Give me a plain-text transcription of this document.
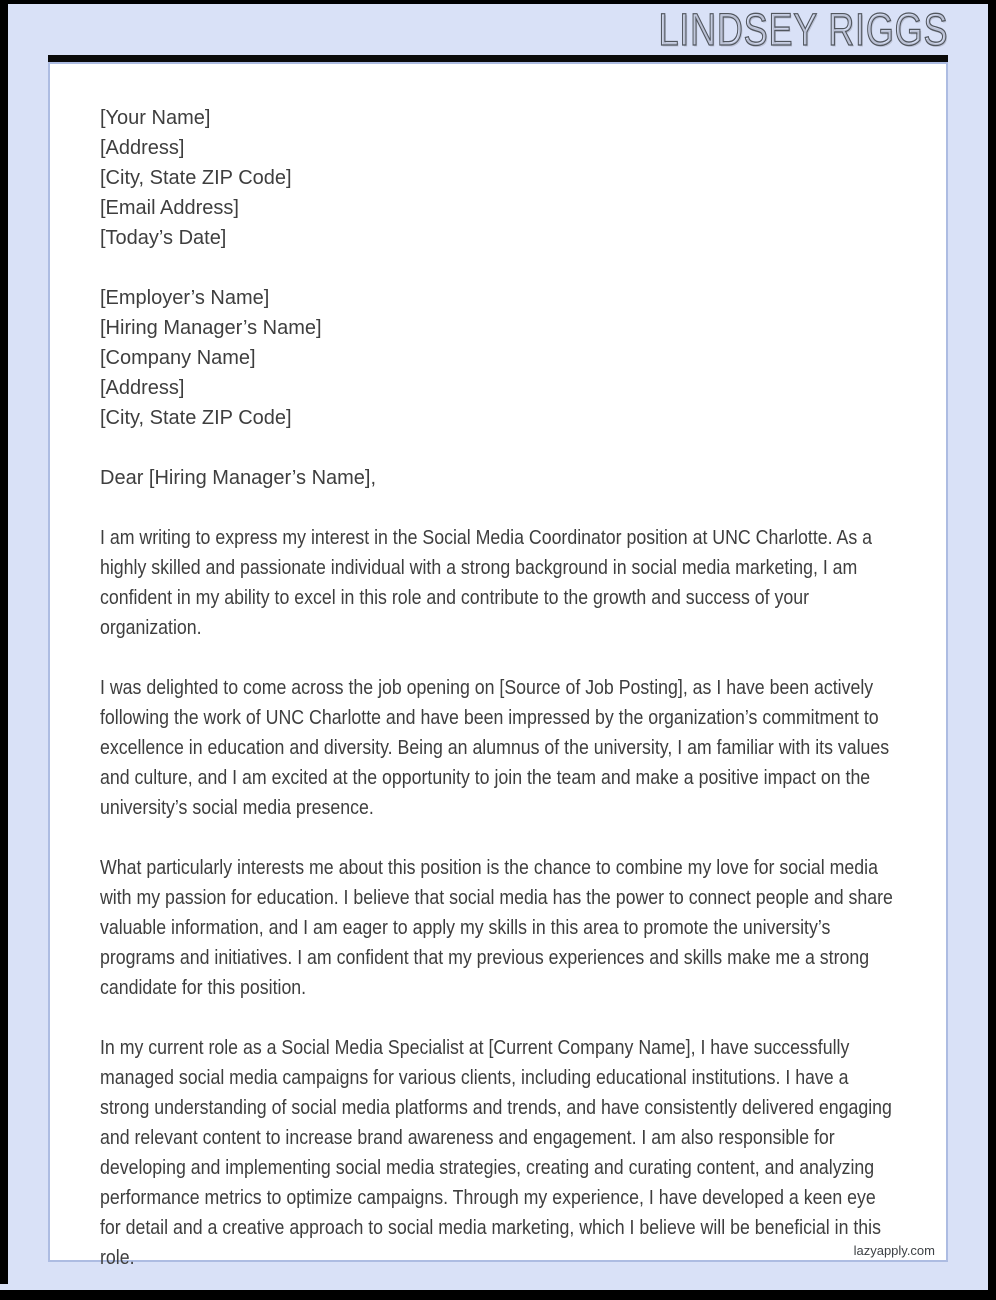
LINDSEY RIGGS
[Your Name]
[Address]
[City, State ZIP Code]
[Email Address]
[Today’s Date]
[Employer’s Name]
[Hiring Manager’s Name]
[Company Name]
[Address]
[City, State ZIP Code]
Dear [Hiring Manager’s Name],

I am writing to express my interest in the Social Media Coordinator position at UNC Charlotte. As a highly skilled and passionate individual with a strong background in social media marketing, I am confident in my ability to excel in this role and contribute to the growth and success of your organization.

I was delighted to come across the job opening on [Source of Job Posting], as I have been actively following the work of UNC Charlotte and have been impressed by the organization’s commitment to excellence in education and diversity. Being an alumnus of the university, I am familiar with its values and culture, and I am excited at the opportunity to join the team and make a positive impact on the university’s social media presence.

What particularly interests me about this position is the chance to combine my love for social media with my passion for education. I believe that social media has the power to connect people and share valuable information, and I am eager to apply my skills in this area to promote the university’s programs and initiatives. I am confident that my previous experiences and skills make me a strong candidate for this position.

In my current role as a Social Media Specialist at [Current Company Name], I have successfully managed social media campaigns for various clients, including educational institutions. I have a strong understanding of social media platforms and trends, and have consistently delivered engaging and relevant content to increase brand awareness and engagement. I am also responsible for developing and implementing social media strategies, creating and curating content, and analyzing performance metrics to optimize campaigns. Through my experience, I have developed a keen eye for detail and a creative approach to social media marketing, which I believe will be beneficial in this role.	lazyapply.com
